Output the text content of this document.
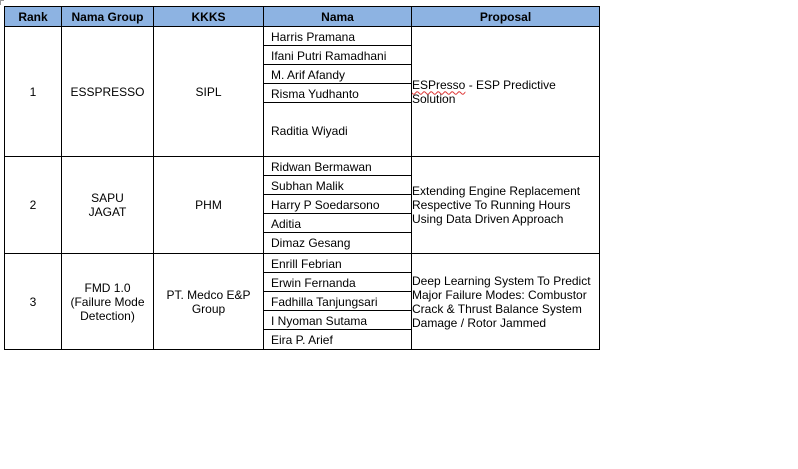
Rank	Nama Group	KKKS	Nama	Proposal
1	ESSPRESSO	SIPL	Harris Pramana
Ifani Putri Ramadhani
M. Arif Afandy
Risma Yudhanto
Raditia Wiyadi	ESPresso - ESP Predictive Solution
2	SAPU JAGAT	PHM	Ridwan Bermawan
Subhan Malik
Harry P Soedarsono
Aditia
Dimaz Gesang	Extending Engine Replacement Respective To Running Hours Using Data Driven Approach
3	FMD 1.0 (Failure Mode Detection)	PT. Medco E&P Group	Enrill Febrian
Erwin Fernanda
Fadhilla Tanjungsari
I Nyoman Sutama
Eira P. Arief	Deep Learning System To Predict Major Failure Modes: Combustor Crack & Thrust Balance System Damage / Rotor Jammed
